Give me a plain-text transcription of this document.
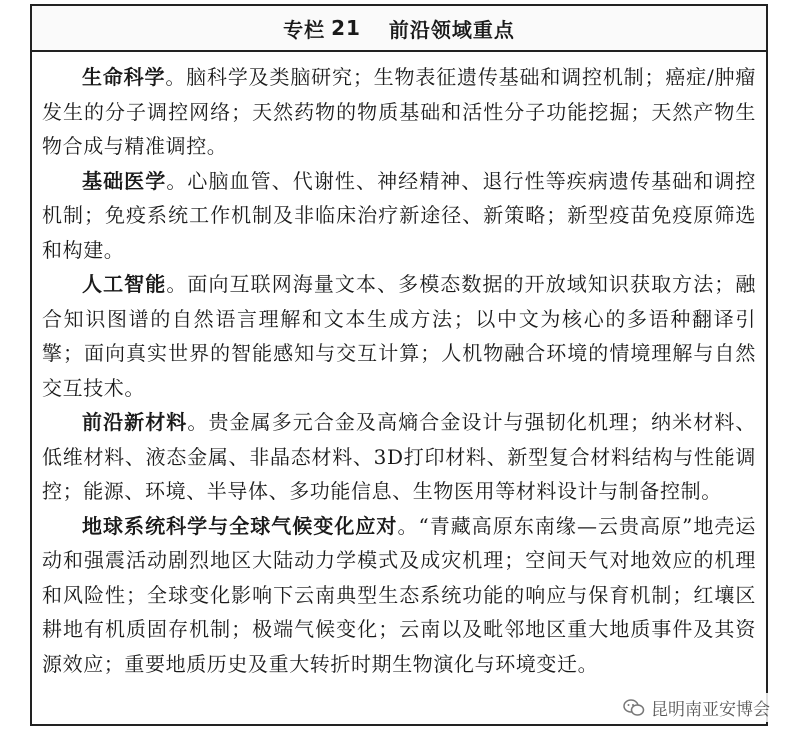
专栏 21 前沿领域重点

生命科学。脑科学及类脑研究；生物表征遗传基础和调控机制；癌症/肿瘤发生的分子调控网络；天然药物的物质基础和活性分子功能挖掘；天然产物生物合成与精准调控。

基础医学。心脑血管、代谢性、神经精神、退行性等疾病遗传基础和调控机制；免疫系统工作机制及非临床治疗新途径、新策略；新型疫苗免疫原筛选和构建。

人工智能。面向互联网海量文本、多模态数据的开放域知识获取方法；融合知识图谱的自然语言理解和文本生成方法；以中文为核心的多语种翻译引擎；面向真实世界的智能感知与交互计算；人机物融合环境的情境理解与自然交互技术。

前沿新材料。贵金属多元合金及高熵合金设计与强韧化机理；纳米材料、低维材料、液态金属、非晶态材料、3D打印材料、新型复合材料结构与性能调控；能源、环境、半导体、多功能信息、生物医用等材料设计与制备控制。

地球系统科学与全球气候变化应对。“青藏高原东南缘—云贵高原”地壳运动和强震活动剧烈地区大陆动力学模式及成灾机理；空间天气对地效应的机理和风险性；全球变化影响下云南典型生态系统功能的响应与保育机制；红壤区耕地有机质固存机制；极端气候变化；云南以及毗邻地区重大地质事件及其资源效应；重要地质历史及重大转折时期生物演化与环境变迁。

昆明南亚安博会
